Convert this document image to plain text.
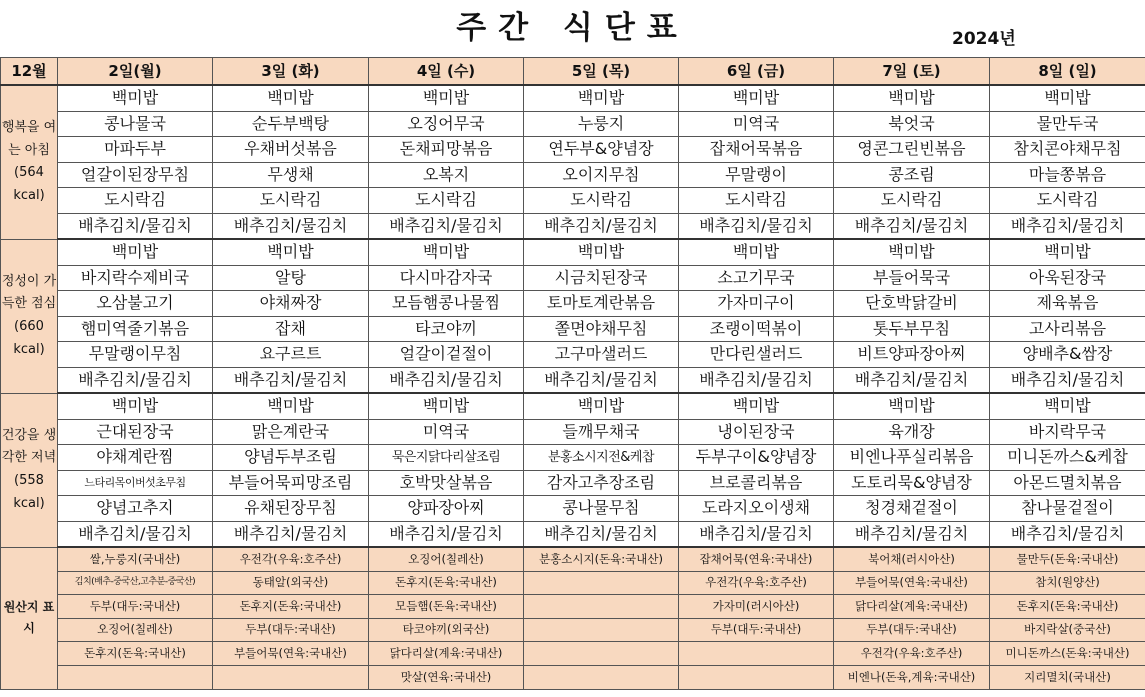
주간 식단표	2024년
12월	2일(월)	3일 (화)	4일 (수)	5일 (목)	6일 (금)	7일 (토)	8일 (일)
행복을 여는 아침 (564 kcal)	백미밥	백미밥	백미밥	백미밥	백미밥	백미밥	백미밥
	콩나물국	순두부백탕	오징어무국	누룽지	미역국	북엇국	물만두국
	마파두부	우채버섯볶음	돈채피망볶음	연두부&양념장	잡채어묵볶음	영콘그린빈볶음	참치콘야채무침
	얼갈이된장무침	무생채	오복지	오이지무침	무말랭이	콩조림	마늘쫑볶음
	도시락김	도시락김	도시락김	도시락김	도시락김	도시락김	도시락김
	배추김치/물김치	배추김치/물김치	배추김치/물김치	배추김치/물김치	배추김치/물김치	배추김치/물김치	배추김치/물김치
정성이 가득한 점심 (660 kcal)	백미밥	백미밥	백미밥	백미밥	백미밥	백미밥	백미밥
	바지락수제비국	알탕	다시마감자국	시금치된장국	소고기무국	부들어묵국	아욱된장국
	오삼불고기	야채짜장	모듬햄콩나물찜	토마토계란볶음	가자미구이	단호박닭갈비	제육볶음
	햄미역줄기볶음	잡채	타코야끼	쫄면야채무침	조랭이떡볶이	톳두부무침	고사리볶음
	무말랭이무침	요구르트	얼갈이겉절이	고구마샐러드	만다린샐러드	비트양파장아찌	양배추&쌈장
	배추김치/물김치	배추김치/물김치	배추김치/물김치	배추김치/물김치	배추김치/물김치	배추김치/물김치	배추김치/물김치
건강을 생각한 저녁 (558 kcal)	백미밥	백미밥	백미밥	백미밥	백미밥	백미밥	백미밥
	근대된장국	맑은계란국	미역국	들깨무채국	냉이된장국	육개장	바지락무국
	야채계란찜	양념두부조림	묵은지닭다리살조림	분홍소시지전&케찹	두부구이&양념장	비엔나푸실리볶음	미니돈까스&케찹
	느타리목이버섯초무침	부들어묵피망조림	호박맛살볶음	감자고추장조림	브로콜리볶음	도토리묵&양념장	아몬드멸치볶음
	양념고추지	유채된장무침	양파장아찌	콩나물무침	도라지오이생채	청경채겉절이	참나물겉절이
	배추김치/물김치	배추김치/물김치	배추김치/물김치	배추김치/물김치	배추김치/물김치	배추김치/물김치	배추김치/물김치
원산지 표시	쌀,누룽지(국내산)	우전각(우육:호주산)	오징어(칠레산)	분홍소시지(돈육:국내산)	잡채어묵(연육:국내산)	북어채(러시아산)	물만두(돈육:국내산)
	김치(배추-중국산,고추분-중국산)	동태알(외국산)	돈후지(돈육:국내산)		우전각(우육:호주산)	부들어묵(연육:국내산)	참치(원양산)
	두부(대두:국내산)	돈후지(돈육:국내산)	모듬햄(돈육:국내산)		가자미(러시아산)	닭다리살(계육:국내산)	돈후지(돈육:국내산)
	오징어(칠레산)	두부(대두:국내산)	타코야끼(외국산)		두부(대두:국내산)	두부(대두:국내산)	바지락살(중국산)
	돈후지(돈육:국내산)	부들어묵(연육:국내산)	닭다리살(계육:국내산)			우전각(우육:호주산)	미니돈까스(돈육:국내산)
			맛살(연육:국내산)			비엔나(돈육,계육:국내산)	지리멸치(국내산)
